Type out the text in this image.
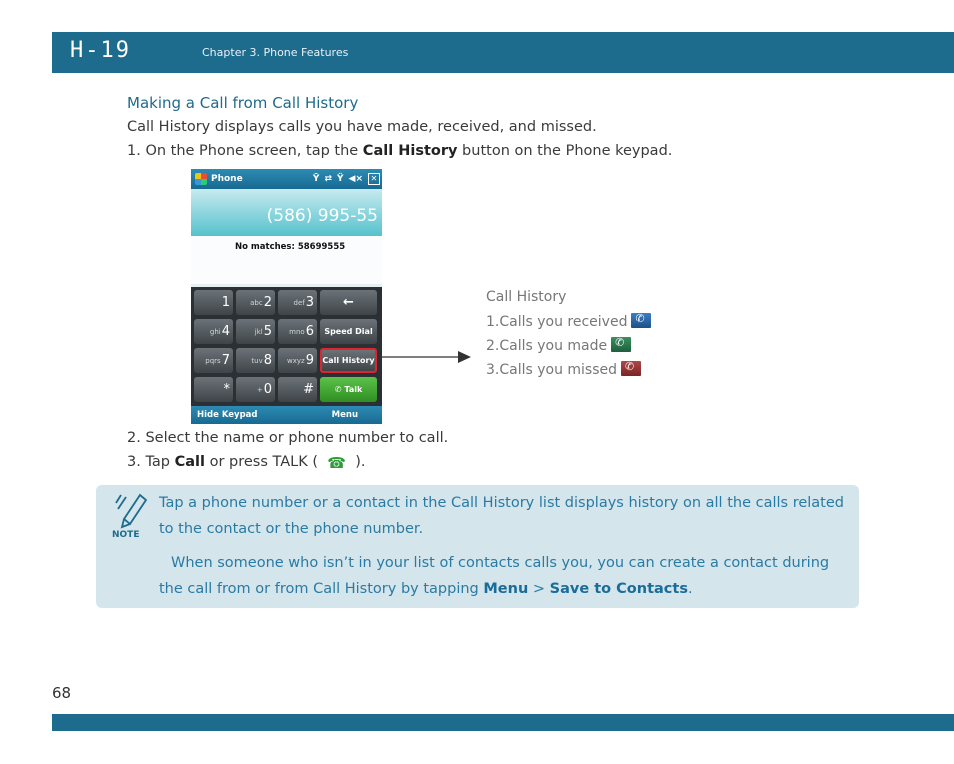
H-19	Chapter 3. Phone Features
Making a Call from Call History
Call History displays calls you have made, received, and missed.
1. On the Phone screen, tap the Call History button on the Phone keypad.
Phone	Ῡ ⇄ Ÿ ◀× ✕
(586) 995-55
No matches: 58699555
1	abc 2	def 3 ←
ghi 4	jkl 5 mno 6 Speed Dial
pqrs 7	tuv 8 wxyz 9 Call History
*	+ 0 #	✆ Talk
Hide Keypad	Menu
Call History
1.Calls you received✆
2.Calls you made✆
3.Calls you missed✆
2. Select the name or phone number to call.
3. Tap Call or press TALK ( ☎ ).
NOTE
Tap a phone number or a contact in the Call History list displays history on all the calls related to the contact or the phone number.
When someone who isn’t in your list of contacts calls you, you can create a contact during the call from or from Call History by tapping Menu > Save to Contacts.
68
